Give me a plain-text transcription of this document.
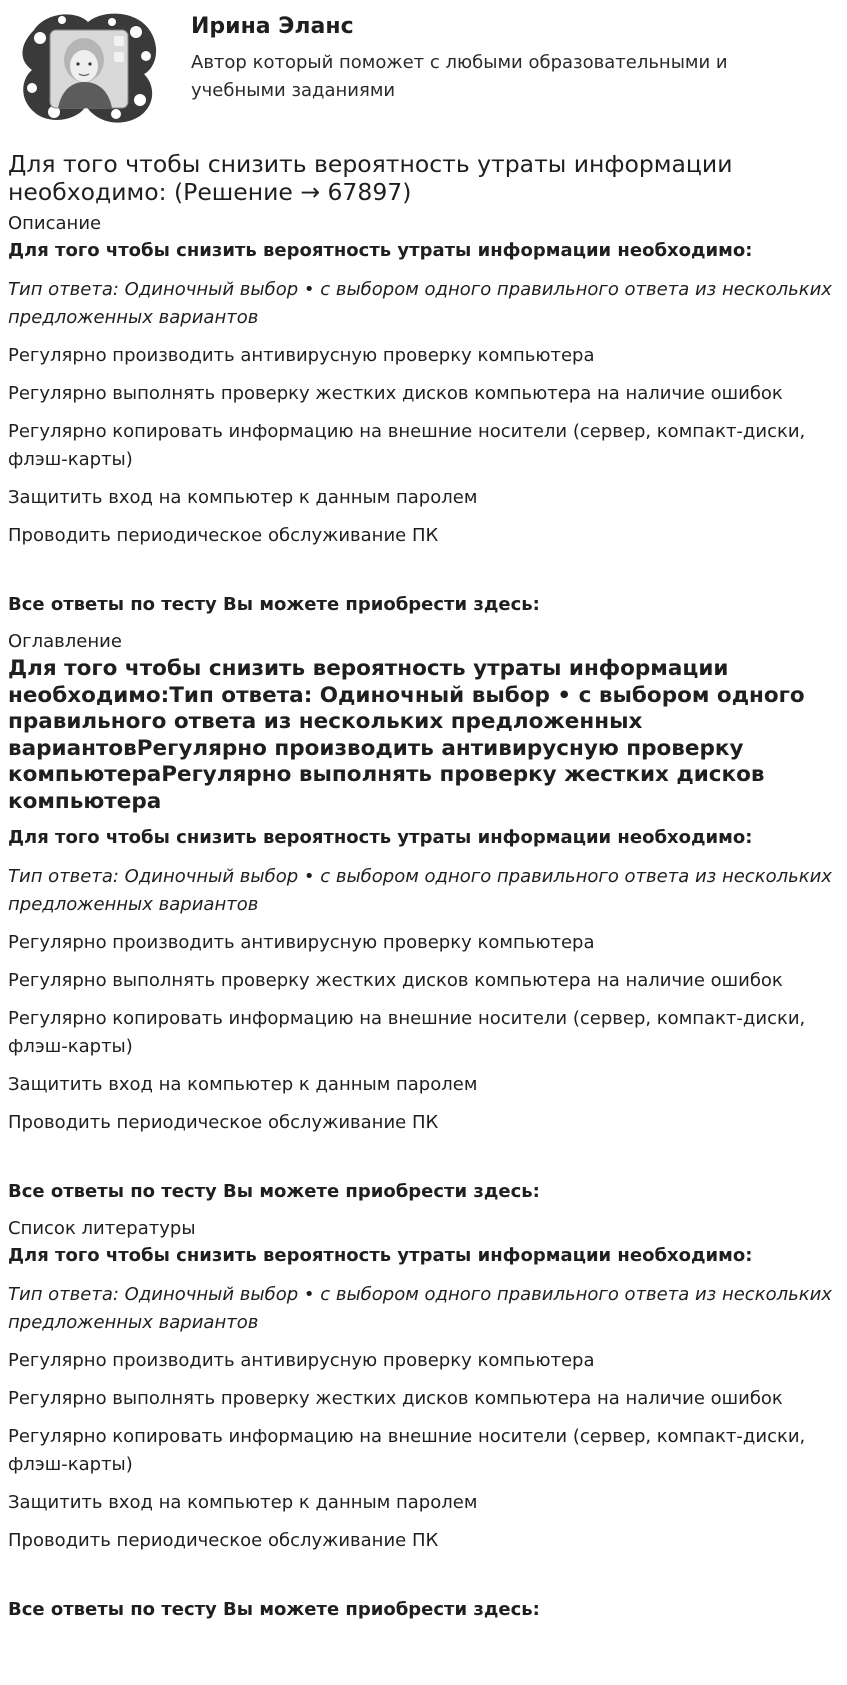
Ирина Эланс

Автор который поможет с любыми образовательными и учебными заданиями

Для того чтобы снизить вероятность утраты информации необходимо: (Решение → 67897)
Описание
Для того чтобы снизить вероятность утраты информации необходимо:
Тип ответа: Одиночный выбор • с выбором одного правильного ответа из нескольких предложенных вариантов
Регулярно производить антивирусную проверку компьютера
Регулярно выполнять проверку жестких дисков компьютера на наличие ошибок
Регулярно копировать информацию на внешние носители (сервер, компакт-диски, флэш-карты)
Защитить вход на компьютер к данным паролем
Проводить периодическое обслуживание ПК
Все ответы по тесту Вы можете приобрести здесь:
Оглавление
Для того чтобы снизить вероятность утраты информации необходимо:Тип ответа: Одиночный выбор • с выбором одного правильного ответа из нескольких предложенных вариантовРегулярно производить антивирусную проверку компьютераРегулярно выполнять проверку жестких дисков компьютера
Для того чтобы снизить вероятность утраты информации необходимо:
Тип ответа: Одиночный выбор • с выбором одного правильного ответа из нескольких предложенных вариантов
Регулярно производить антивирусную проверку компьютера
Регулярно выполнять проверку жестких дисков компьютера на наличие ошибок
Регулярно копировать информацию на внешние носители (сервер, компакт-диски, флэш-карты)
Защитить вход на компьютер к данным паролем
Проводить периодическое обслуживание ПК
Все ответы по тесту Вы можете приобрести здесь:
Список литературы
Для того чтобы снизить вероятность утраты информации необходимо:
Тип ответа: Одиночный выбор • с выбором одного правильного ответа из нескольких предложенных вариантов
Регулярно производить антивирусную проверку компьютера
Регулярно выполнять проверку жестких дисков компьютера на наличие ошибок
Регулярно копировать информацию на внешние носители (сервер, компакт-диски, флэш-карты)
Защитить вход на компьютер к данным паролем
Проводить периодическое обслуживание ПК
Все ответы по тесту Вы можете приобрести здесь:
